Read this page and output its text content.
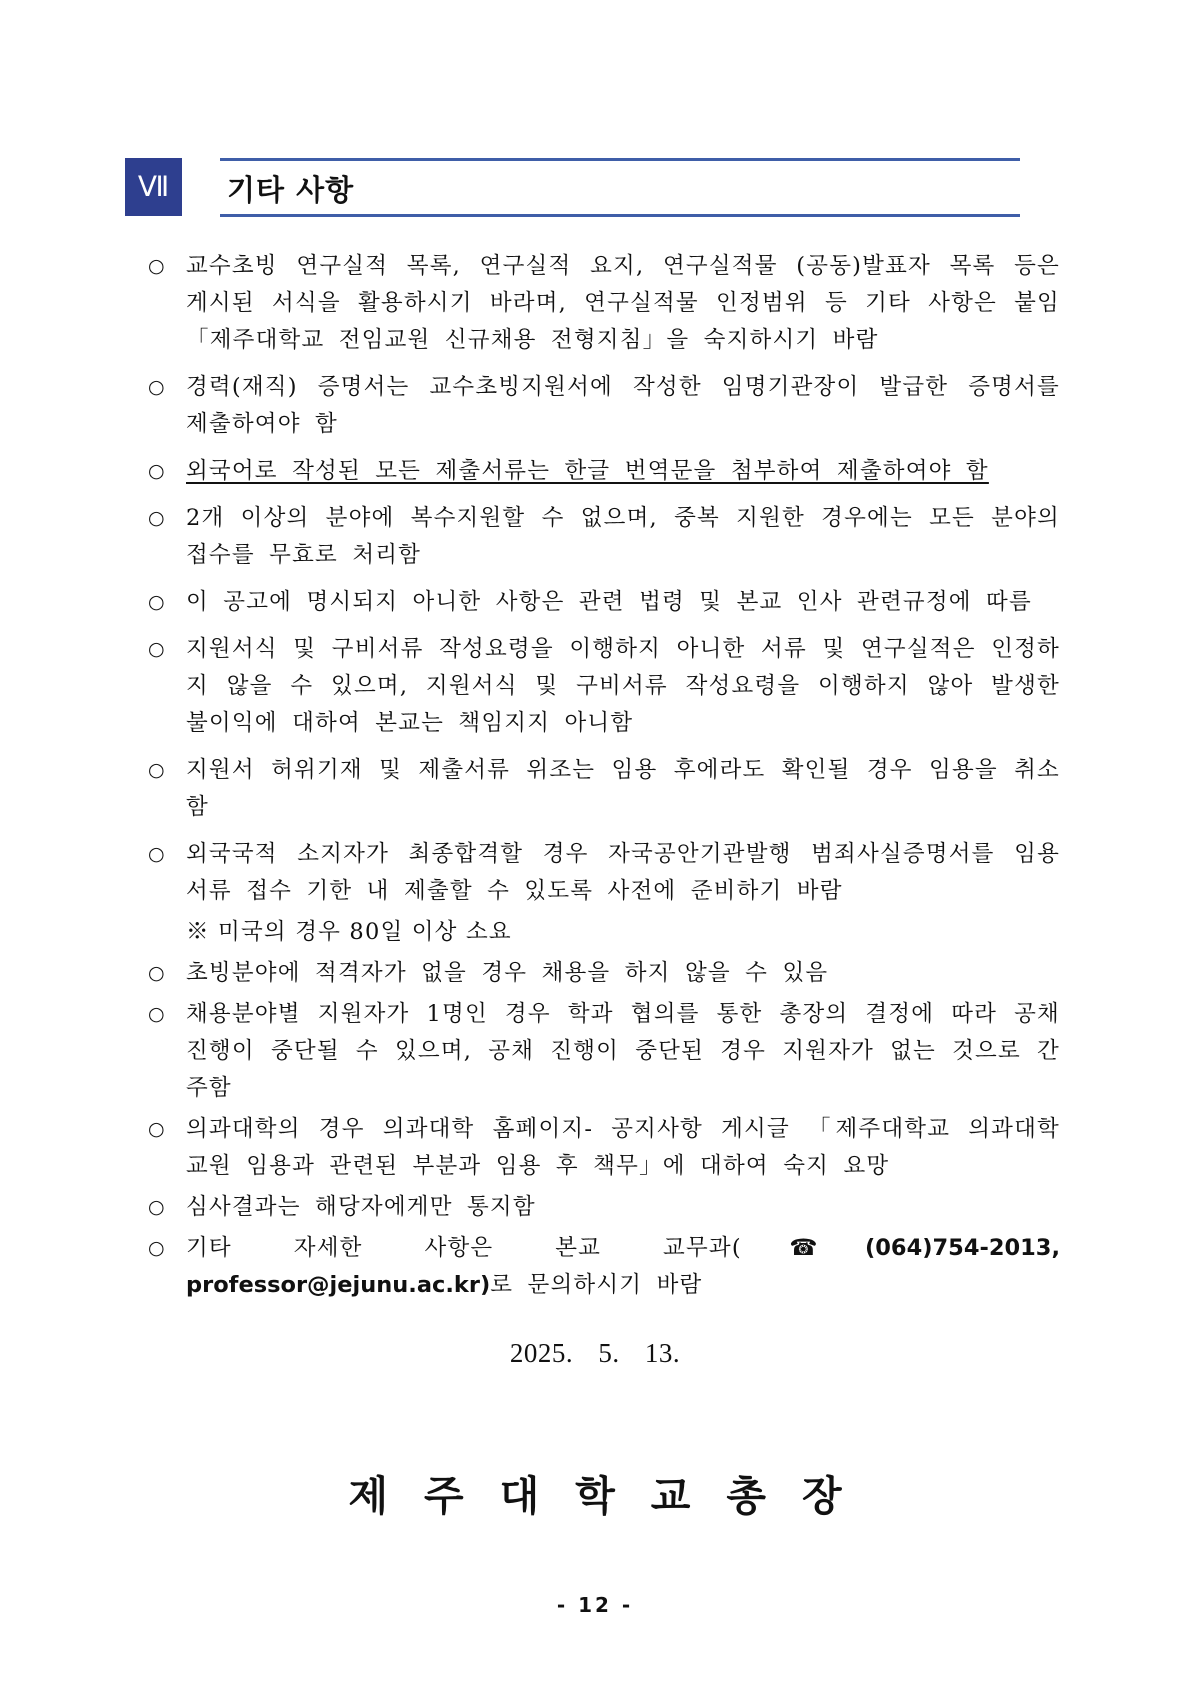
Ⅶ	기타 사항
○ 교수초빙 연구실적 목록, 연구실적 요지, 연구실적물 (공동)발표자 목록 등은 게시된 서식을 활용하시기 바라며, 연구실적물 인정범위 등 기타 사항은 붙임 「제주대학교 전임교원 신규채용 전형지침」을 숙지하시기 바람
○ 경력(재직) 증명서는 교수초빙지원서에 작성한 임명기관장이 발급한 증명서를 제출하여야 함
○ 외국어로 작성된 모든 제출서류는 한글 번역문을 첨부하여 제출하여야 함
○ 2개 이상의 분야에 복수지원할 수 없으며, 중복 지원한 경우에는 모든 분야의 접수를 무효로 처리함
○ 이 공고에 명시되지 아니한 사항은 관련 법령 및 본교 인사 관련규정에 따름
○ 지원서식 및 구비서류 작성요령을 이행하지 아니한 서류 및 연구실적은 인정하지 않을 수 있으며, 지원서식 및 구비서류 작성요령을 이행하지 않아 발생한 불이익에 대하여 본교는 책임지지 아니함
○ 지원서 허위기재 및 제출서류 위조는 임용 후에라도 확인될 경우 임용을 취소함
○ 외국국적 소지자가 최종합격할 경우 자국공안기관발행 범죄사실증명서를 임용 서류 접수 기한 내 제출할 수 있도록 사전에 준비하기 바람
※ 미국의 경우 80일 이상 소요
○ 초빙분야에 적격자가 없을 경우 채용을 하지 않을 수 있음
○ 채용분야별 지원자가 1명인 경우 학과 협의를 통한 총장의 결정에 따라 공채 진행이 중단될 수 있으며, 공채 진행이 중단된 경우 지원자가 없는 것으로 간주함
○ 의과대학의 경우 의과대학 홈페이지- 공지사항 게시글 「제주대학교 의과대학 교원 임용과 관련된 부분과 임용 후 책무」에 대하여 숙지 요망
○ 심사결과는 해당자에게만 통지함
○ 기타 자세한 사항은 본교 교무과(☎(064)754-2013, professor@jejunu.ac.kr)로 문의하시기 바람
2025. 5. 13.
제주대학교총장
- 12 -
